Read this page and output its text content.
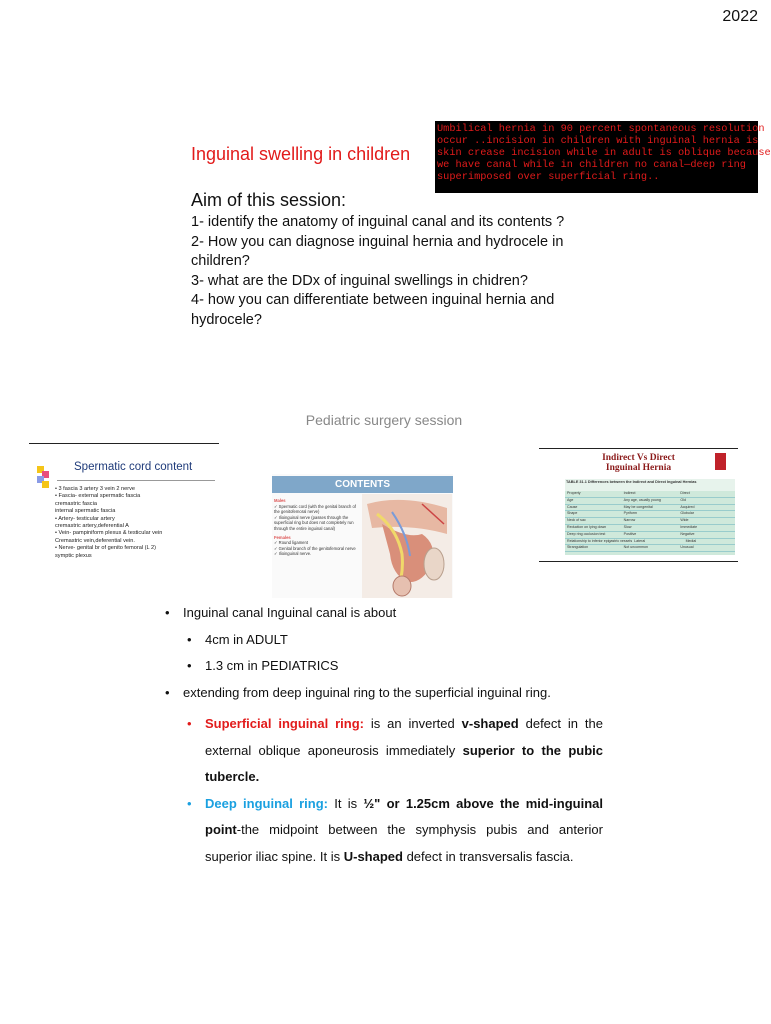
2022
Inguinal swelling in children
Umbilical hernia in 90 percent spontaneous resolution
occur ..incision in children with inguinal hernia is
skin crease incision while in adult is oblique because
we have canal while in children no canal—deep ring
superimposed over superficial ring..
Aim of this session:
1- identify the anatomy of inguinal canal and its contents ?
2- How you can diagnose inguinal hernia and hydrocele in children?
3- what are the DDx of inguinal swellings in chidren?
4- how you can differentiate between inguinal hernia and hydrocele?
Pediatric surgery session
Spermatic cord content
• 3 fascia 3 artery 3 vein 2 nerve
• Fascia- external spermatic fascia
cremastric fascia
internal spermatic fascia
• Artery- testicular artery
cremastric artery,deferential A
• Vein- pampiniform plexus & testicular vein
Cremastric vein,deferential vein.
• Nerve- genital br of genito femoral (L 2)
symptic plexus
CONTENTS
Males
✓ Spermatic cord (with the genital branch of the genitofemoral nerve)
✓ Ilioinguinal nerve (passes through the superficial ring but does not completely run through the entire inguinal canal)
Females
✓ Round ligament
✓ Genital branch of the genitofemoral nerve
✓ Ilioinguinal nerve.
Indirect Vs Direct
Inguinal Hernia
TABLE 31.1 Differences between the Indirect and Direct Inguinal Hernias
Property	Indirect	Direct
Age	Any age, usually young	Old
Cause	May be congenital	Acquired
Shape	Pyriform	Globular
Neck of sac	Narrow	Wide
Reduction on lying down	Slow	Immediate
Deep ring occlusion test	Positive	Negative
Relationship to inferior epigastric vessels Lateral	Medial
Strangulation	Not uncommon	Unusual
• Inguinal canal Inguinal canal is about
• 4cm in ADULT
• 1.3 cm in PEDIATRICS
• extending from deep inguinal ring to the superficial inguinal ring.
• Superficial inguinal ring: is an inverted v-shaped defect in the external oblique aponeurosis immediately superior to the pubic tubercle.
• Deep inguinal ring: It is ½" or 1.25cm above the mid-inguinal point-the midpoint between the symphysis pubis and anterior superior iliac spine. It is U-shaped defect in transversalis fascia.
